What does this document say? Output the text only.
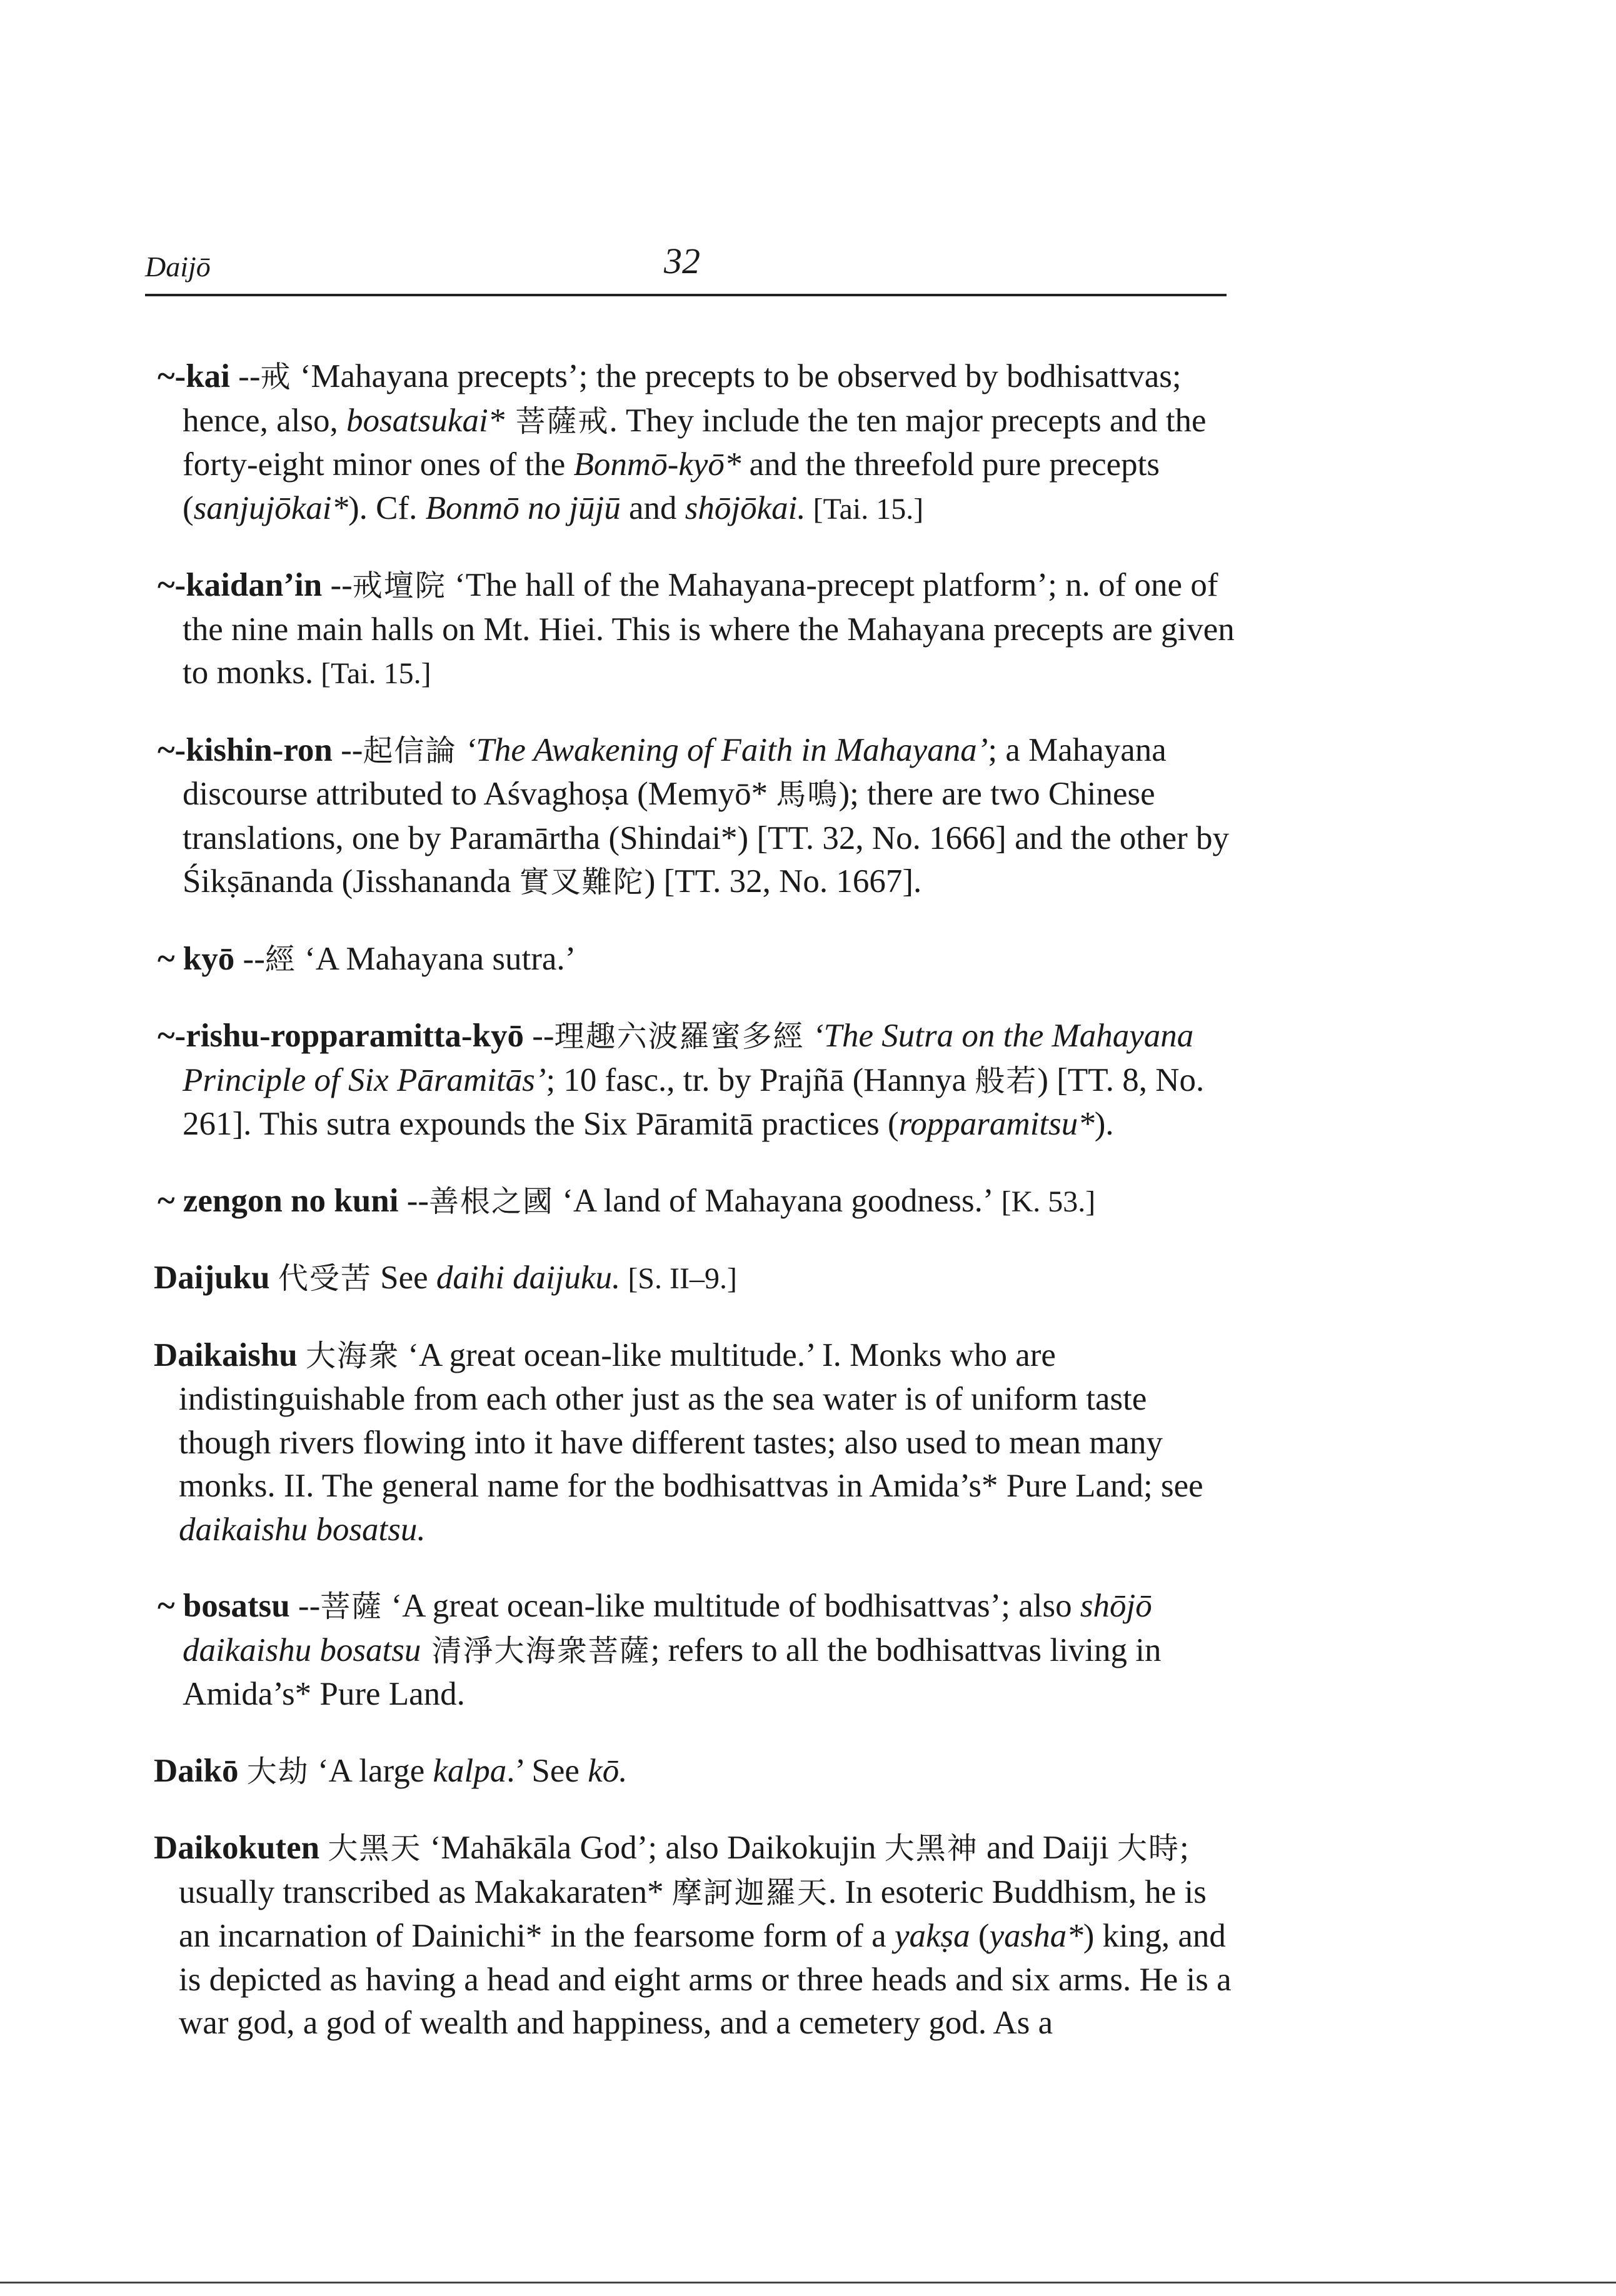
Daijō	32

~-kai --戒 ‘Mahayana precepts’; the precepts to be observed by bodhisattvas; hence, also, bosatsukai* 菩薩戒. They include the ten major precepts and the forty-eight minor ones of the Bonmō-kyō* and the threefold pure precepts (sanjujōkai*). Cf. Bonmō no jūjū and shōjōkai. [Tai. 15.]

~-kaidan’in --戒壇院 ‘The hall of the Mahayana-precept platform’; n. of one of the nine main halls on Mt. Hiei. This is where the Mahayana precepts are given to monks. [Tai. 15.]

~-kishin-ron --起信論 ‘The Awakening of Faith in Mahayana’; a Mahayana discourse attributed to Aśvaghoṣa (Memyō* 馬鳴); there are two Chinese translations, one by Paramārtha (Shindai*) [TT. 32, No. 1666] and the other by Śikṣānanda (Jisshananda 實叉難陀) [TT. 32, No. 1667].

~ kyō --經 ‘A Mahayana sutra.’

~-rishu-ropparamitta-kyō --理趣六波羅蜜多經 ‘The Sutra on the Mahayana Principle of Six Pāramitās’; 10 fasc., tr. by Prajñā (Hannya 般若) [TT. 8, No. 261]. This sutra expounds the Six Pāramitā practices (ropparamitsu*).

~ zengon no kuni --善根之國 ‘A land of Mahayana goodness.’ [K. 53.]

Daijuku 代受苦 See daihi daijuku. [S. II–9.]

Daikaishu 大海衆 ‘A great ocean-like multitude.’ I. Monks who are indistinguishable from each other just as the sea water is of uniform taste though rivers flowing into it have different tastes; also used to mean many monks. II. The general name for the bodhisattvas in Amida’s* Pure Land; see daikaishu bosatsu.

~ bosatsu --菩薩 ‘A great ocean-like multitude of bodhisattvas’; also shōjō daikaishu bosatsu 清淨大海衆菩薩; refers to all the bodhisattvas living in Amida’s* Pure Land.

Daikō 大劫 ‘A large kalpa.’ See kō.

Daikokuten 大黑天 ‘Mahākāla God’; also Daikokujin 大黑神 and Daiji 大時; usually transcribed as Makakaraten* 摩訶迦羅天. In esoteric Buddhism, he is an incarnation of Dainichi* in the fearsome form of a yakṣa (yasha*) king, and is depicted as having a head and eight arms or three heads and six arms. He is a war god, a god of wealth and happiness, and a cemetery god. As a
